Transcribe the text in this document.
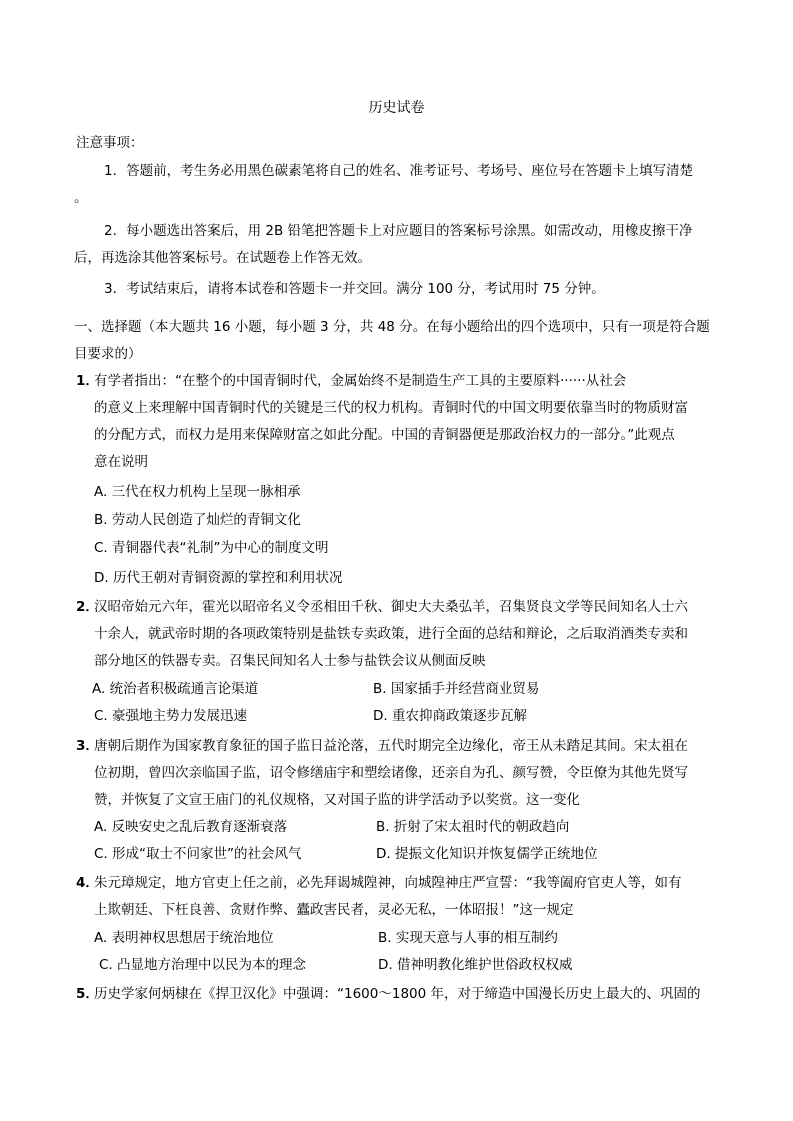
历史试卷
注意事项：
1．答题前，考生务必用黑色碳素笔将自己的姓名、准考证号、考场号、座位号在答题卡上填写清楚
。
2．每小题选出答案后，用 2B 铅笔把答题卡上对应题目的答案标号涂黑。如需改动，用橡皮擦干净
后，再选涂其他答案标号。在试题卷上作答无效。
3．考试结束后，请将本试卷和答题卡一并交回。满分 100 分，考试用时 75 分钟。
一、选择题（本大题共 16 小题，每小题 3 分，共 48 分。在每小题给出的四个选项中，只有一项是符合题
目要求的）
1．
有学者指出：“在整个的中国青铜时代，金属始终不是制造生产工具的主要原料······从社会
的意义上来理解中国青铜时代的关键是三代的权力机构。青铜时代的中国文明要依靠当时的物质财富
的分配方式，而权力是用来保障财富之如此分配。中国的青铜器便是那政治权力的一部分。”此观点
意在说明
A. 三代在权力机构上呈现一脉相承
B. 劳动人民创造了灿烂的青铜文化
C. 青铜器代表“礼制”为中心的制度文明
D. 历代王朝对青铜资源的掌控和利用状况
2．
汉昭帝始元六年，霍光以昭帝名义令丞相田千秋、御史大夫桑弘羊，召集贤良文学等民间知名人士六
十余人，就武帝时期的各项政策特别是盐铁专卖政策，进行全面的总结和辩论，之后取消酒类专卖和
部分地区的铁器专卖。召集民间知名人士参与盐铁会议从侧面反映
A. 统治者积极疏通言论渠道	B. 国家插手并经营商业贸易
C. 豪强地主势力发展迅速	D. 重农抑商政策逐步瓦解
3．
唐朝后期作为国家教育象征的国子监日益沦落，五代时期完全边缘化，帝王从未踏足其间。宋太祖在
位初期，曾四次亲临国子监，诏令修缮庙宇和塑绘诸像，还亲自为孔、颜写赞，令臣僚为其他先贤写
赞，并恢复了文宣王庙门的礼仪规格，又对国子监的讲学活动予以奖赏。这一变化
A. 反映安史之乱后教育逐渐衰落	B. 折射了宋太祖时代的朝政趋向
C. 形成“取士不问家世”的社会风气	D. 提振文化知识并恢复儒学正统地位
4．
朱元璋规定，地方官吏上任之前，必先拜谒城隍神，向城隍神庄严宣誓：“我等阖府官吏人等，如有
上欺朝廷、下枉良善、贪财作弊、蠹政害民者，灵必无私，一体昭报！”这一规定
A. 表明神权思想居于统治地位	B. 实现天意与人事的相互制约
C. 凸显地方治理中以民为本的理念	D. 借神明教化维护世俗政权权威
5．
历史学家何炳棣在《捍卫汉化》中强调：“1600～1800 年，对于缔造中国漫长历史上最大的、巩固的
